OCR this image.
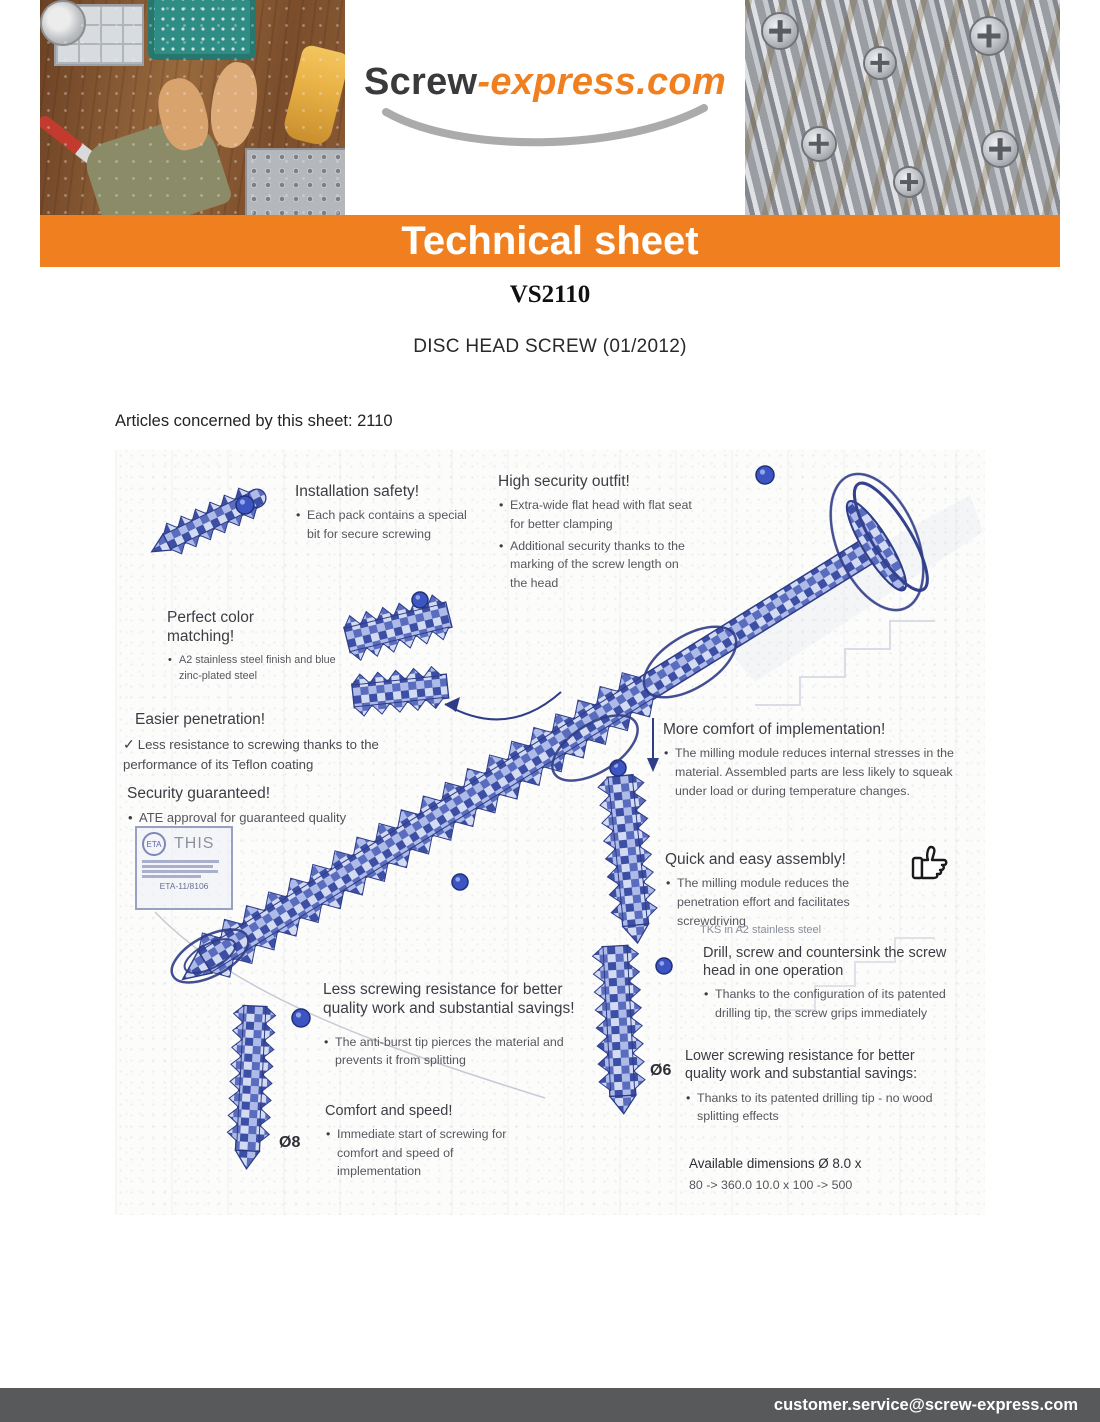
Screw-express.com
Technical sheet
VS2110
DISC HEAD SCREW (01/2012)
Articles concerned by this sheet: 2110
Installation safety!
• Each pack contains a special bit for secure screwing
High security outfit!
• Extra-wide flat head with flat seat for better clamping
• Additional security thanks to the marking of the screw length on the head
Perfect color matching!
• A2 stainless steel finish and blue zinc-plated steel
Easier penetration!
✓ Less resistance to screwing thanks to the performance of its Teflon coating
Security guaranteed!
• ATE approval for guaranteed quality
ETA THIS
ETA-11/8106
More comfort of implementation!
• The milling module reduces internal stresses in the material. Assembled parts are less likely to squeak under load or during temperature changes.
Quick and easy assembly!
• The milling module reduces the penetration effort and facilitates screwdriving
TKS in A2 stainless steel
Drill, screw and countersink the screw head in one operation
• Thanks to the configuration of its patented drilling tip, the screw grips immediately
Less screwing resistance for better quality work and substantial savings!
• The anti-burst tip pierces the material and prevents it from splitting
Comfort and speed!
• Immediate start of screwing for comfort and speed of implementation
Ø8
Ø6
Lower screwing resistance for better quality work and substantial savings:
• Thanks to its patented drilling tip - no wood splitting effects
Available dimensions Ø 8.0 x
80 -> 360.0 10.0 x 100 -> 500
customer.service@screw-express.com
